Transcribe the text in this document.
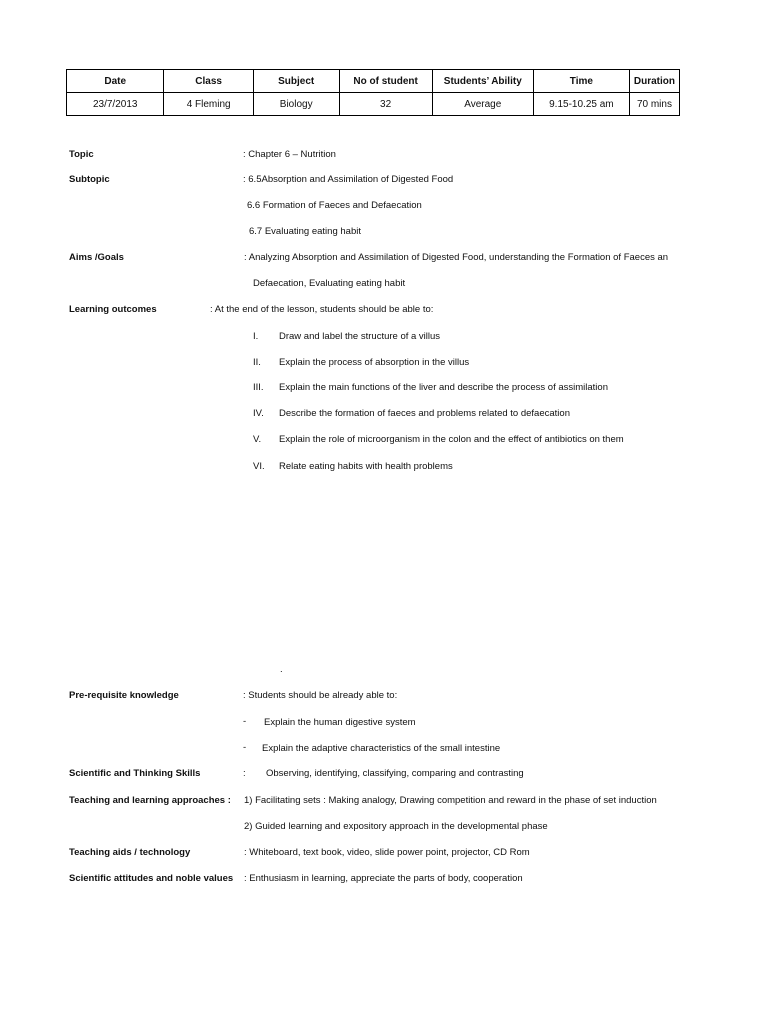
Date	Class	Subject	No of student	Students’ Ability	Time	Duration
23/7/2013	4 Fleming	Biology	32	Average	9.15-10.25 am	70 mins
Topic	: Chapter 6 – Nutrition
Subtopic	: 6.5Absorption and Assimilation of Digested Food
6.6 Formation of Faeces and Defaecation
6.7 Evaluating eating habit
Aims /Goals	: Analyzing Absorption and Assimilation of Digested Food, understanding the Formation of Faeces an
Defaecation, Evaluating eating habit
Learning outcomes	: At the end of the lesson, students should be able to:
I.	Draw and label the structure of a villus
II.	Explain the process of absorption in the villus
III.	Explain the main functions of the liver and describe the process of assimilation
IV.	Describe the formation of faeces and problems related to defaecation
V.	Explain the role of microorganism in the colon and the effect of antibiotics on them
VI.	Relate eating habits with health problems
.
Pre-requisite knowledge	: Students should be already able to:
- Explain the human digestive system
- Explain the adaptive characteristics of the small intestine
Scientific and Thinking Skills	: Observing, identifying, classifying, comparing and contrasting
Teaching and learning approaches : 1) Facilitating sets : Making analogy, Drawing competition and reward in the phase of set induction
2) Guided learning and expository approach in the developmental phase
Teaching aids / technology	: Whiteboard, text book, video, slide power point, projector, CD Rom
Scientific attitudes and noble values : Enthusiasm in learning, appreciate the parts of body, cooperation
